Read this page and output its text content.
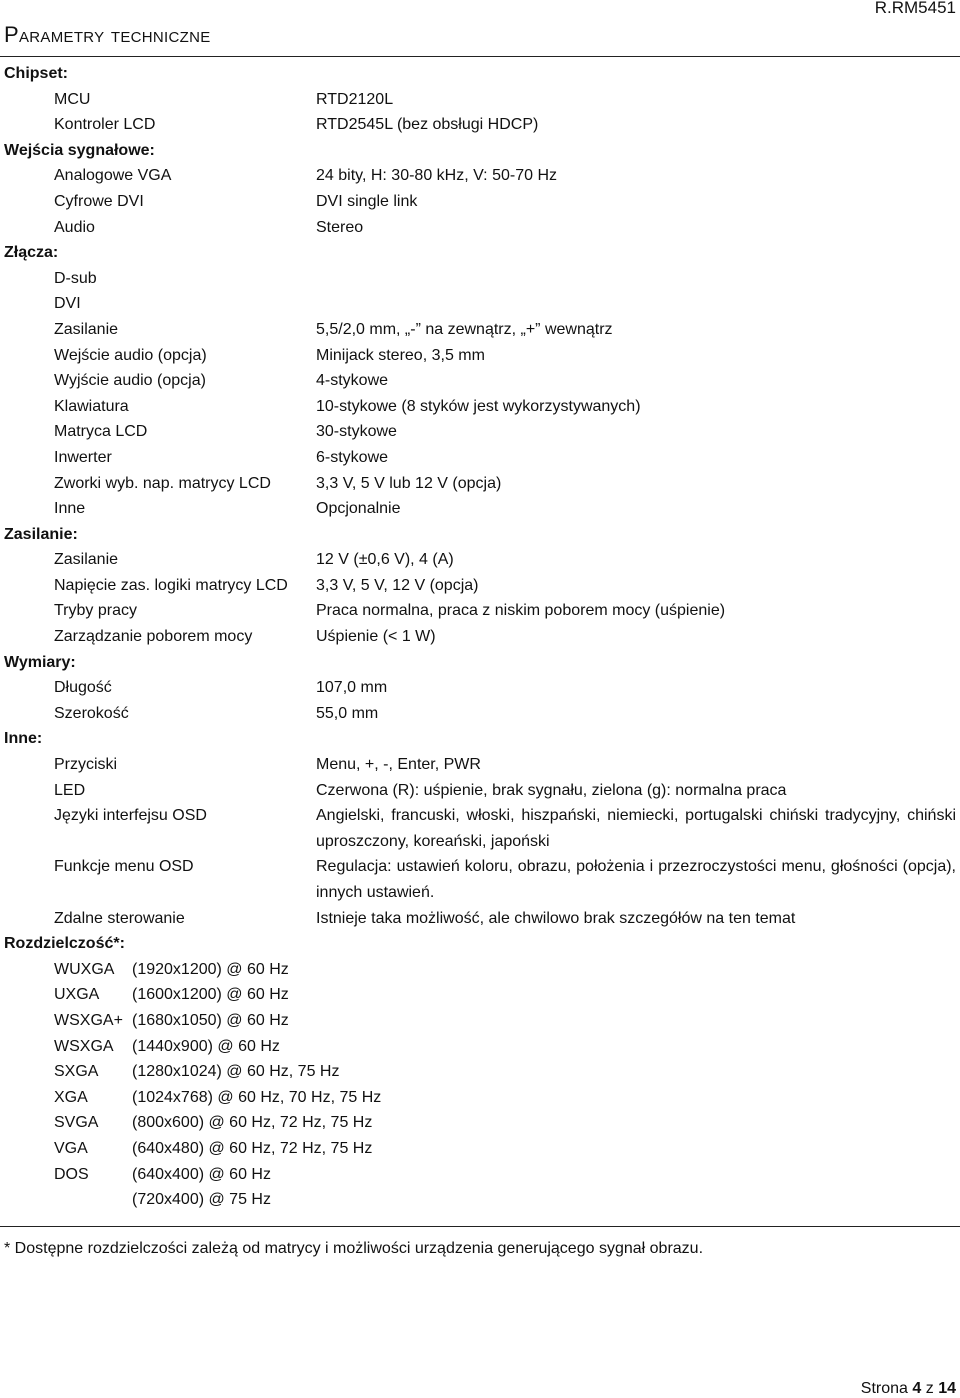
R.RM5451
Parametry techniczne
Chipset:
MCU	RTD2120L
Kontroler LCD	RTD2545L (bez obsługi HDCP)
Wejścia sygnałowe:
Analogowe VGA	24 bity, H: 30-80 kHz, V: 50-70 Hz
Cyfrowe DVI	DVI single link
Audio	Stereo
Złącza:
D-sub
DVI
Zasilanie	5,5/2,0 mm, „-” na zewnątrz, „+” wewnątrz
Wejście audio (opcja)	Minijack stereo, 3,5 mm
Wyjście audio (opcja)	4-stykowe
Klawiatura	10-stykowe (8 styków jest wykorzystywanych)
Matryca LCD	30-stykowe
Inwerter	6-stykowe
Zworki wyb. nap. matrycy LCD	3,3 V, 5 V lub 12 V (opcja)
Inne	Opcjonalnie
Zasilanie:
Zasilanie	12 V (±0,6 V), 4 (A)
Napięcie zas. logiki matrycy LCD	3,3 V, 5 V, 12 V (opcja)
Tryby pracy	Praca normalna, praca z niskim poborem mocy (uśpienie)
Zarządzanie poborem mocy	Uśpienie (< 1 W)
Wymiary:
Długość	107,0 mm
Szerokość	55,0 mm
Inne:
Przyciski	Menu, +, -, Enter, PWR
LED	Czerwona (R): uśpienie, brak sygnału, zielona (g): normalna praca
Języki interfejsu OSD	Angielski, francuski, włoski, hiszpański, niemiecki, portugalski chiński tradycyjny, chiński uproszczony, koreański, japoński
Funkcje menu OSD	Regulacja: ustawień koloru, obrazu, położenia i przezroczystości menu, głośności (opcja), innych ustawień.
Zdalne sterowanie	Istnieje taka możliwość, ale chwilowo brak szczegółów na ten temat
Rozdzielczość*:
WUXGA	(1920x1200) @ 60 Hz
UXGA	(1600x1200) @ 60 Hz
WSXGA+ (1680x1050) @ 60 Hz
WSXGA	(1440x900) @ 60 Hz
SXGA	(1280x1024) @ 60 Hz, 75 Hz
XGA	(1024x768) @ 60 Hz, 70 Hz, 75 Hz
SVGA	(800x600) @ 60 Hz, 72 Hz, 75 Hz
VGA	(640x480) @ 60 Hz, 72 Hz, 75 Hz
DOS	(640x400) @ 60 Hz
(720x400) @ 75 Hz
* Dostępne rozdzielczości zależą od matrycy i możliwości urządzenia generującego sygnał obrazu.
Strona 4 z 14
